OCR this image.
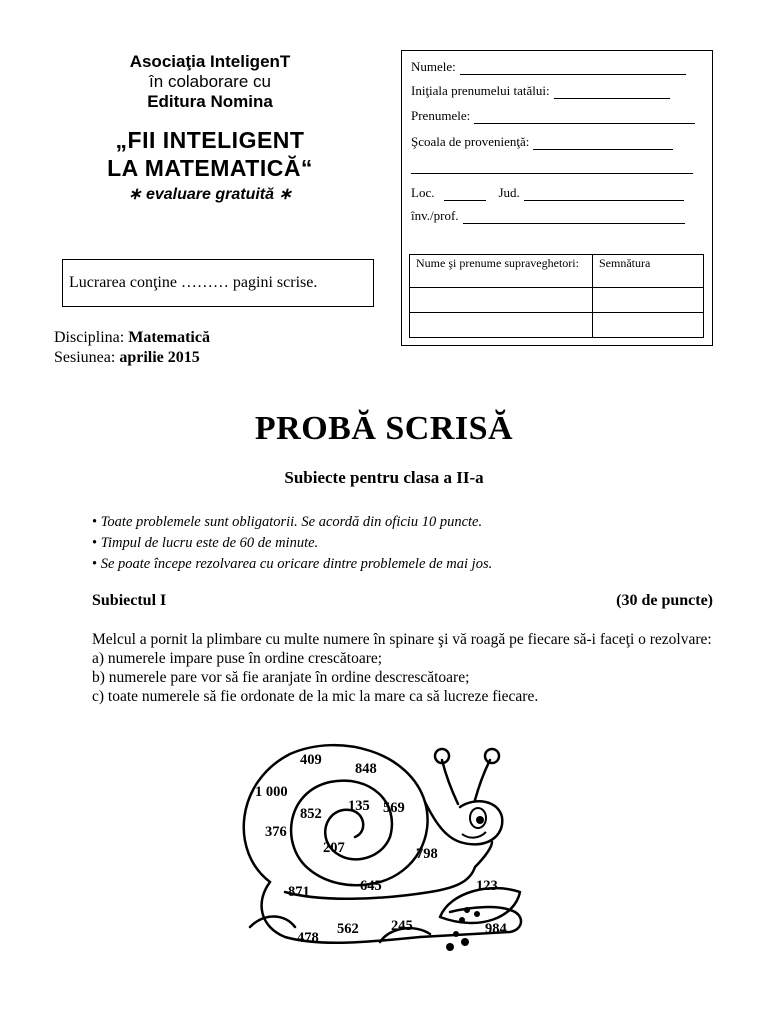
Asociaţia InteligenT
în colaborare cu
Editura Nomina
„FII INTELIGENT
LA MATEMATICĂ“
∗ evaluare gratuită ∗
Lucrarea conţine ……… pagini scrise.
Disciplina: Matematică
Sesiunea: aprilie 2015
Numele:
Iniţiala prenumelui tatălui:
Prenumele:
Şcoala de provenienţă:
Loc.	Jud.
înv./prof.
Nume şi prenume supraveghetori:	Semnătura

PROBĂ SCRISĂ
Subiecte pentru clasa a II-a
• Toate problemele sunt obligatorii. Se acordă din oficiu 10 puncte.
• Timpul de lucru este de 60 de minute.
• Se poate începe rezolvarea cu oricare dintre problemele de mai jos.
Subiectul I	(30 de puncte)

Melcul a pornit la plimbare cu multe numere în spinare şi vă roagă pe fiecare să-i faceţi o rezolvare:

a) numerele impare puse în ordine crescătoare;
b) numerele pare vor să fie aranjate în ordine descrescătoare;
c) toate numerele să fie ordonate de la mic la mare ca să lucreze fiecare.
409
848
1 000
852 135 569
376
207	798
871	645	123
478
562 245	984
